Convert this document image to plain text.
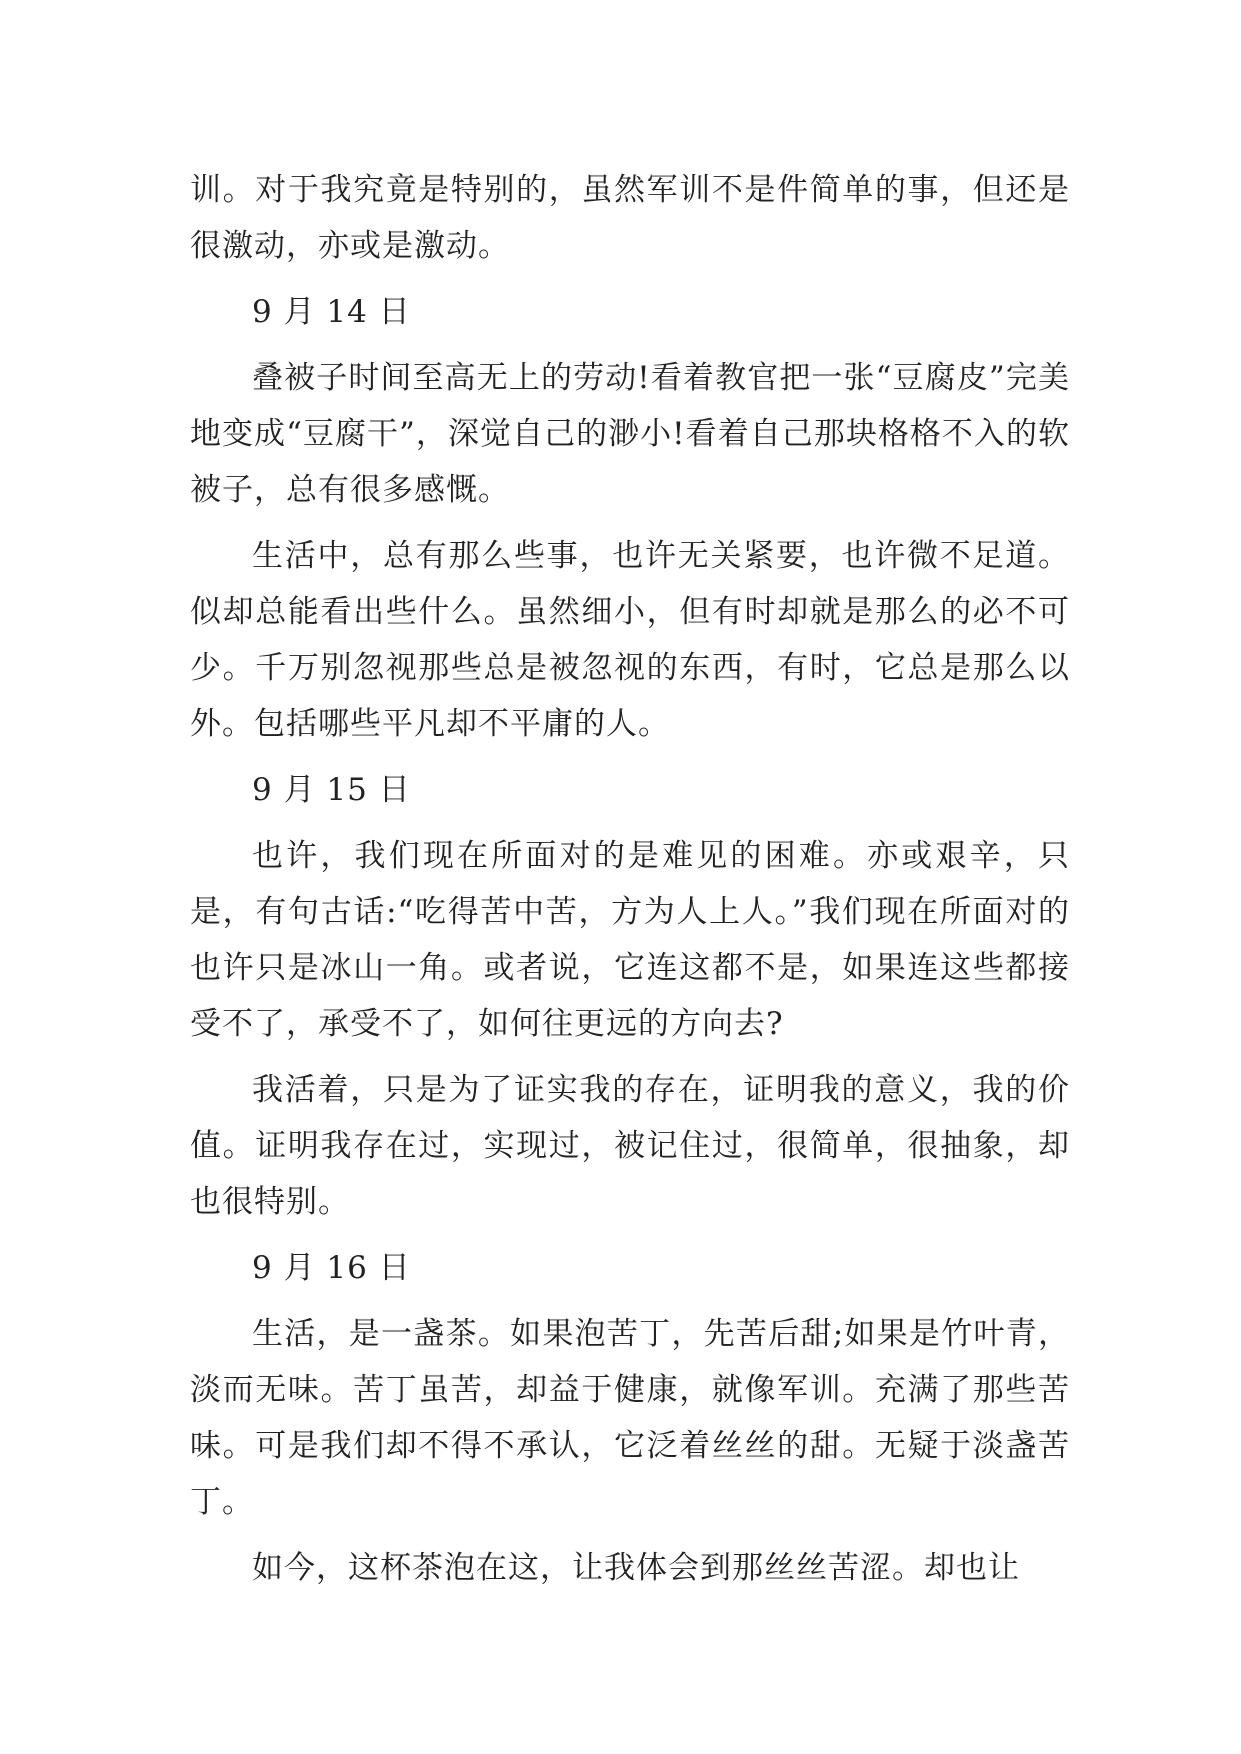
训。对于我究竟是特别的，虽然军训不是件简单的事，但还是很激动，亦或是激动。

9 月 14 日

叠被子时间至高无上的劳动!看着教官把一张“豆腐皮”完美地变成“豆腐干”，深觉自己的渺小!看着自己那块格格不入的软被子，总有很多感慨。

生活中，总有那么些事，也许无关紧要，也许微不足道。似却总能看出些什么。虽然细小，但有时却就是那么的必不可少。千万别忽视那些总是被忽视的东西，有时，它总是那么以外。包括哪些平凡却不平庸的人。

9 月 15 日

也许，我们现在所面对的是难见的困难。亦或艰辛，只是，有句古话:“吃得苦中苦，方为人上人。”我们现在所面对的也许只是冰山一角。或者说，它连这都不是，如果连这些都接受不了，承受不了，如何往更远的方向去?

我活着，只是为了证实我的存在，证明我的意义，我的价值。证明我存在过，实现过，被记住过，很简单，很抽象，却也很特别。

9 月 16 日

生活，是一盏茶。如果泡苦丁，先苦后甜;如果是竹叶青，淡而无味。苦丁虽苦，却益于健康，就像军训。充满了那些苦味。可是我们却不得不承认，它泛着丝丝的甜。无疑于淡盏苦丁。

如今，这杯茶泡在这，让我体会到那丝丝苦涩。却也让
